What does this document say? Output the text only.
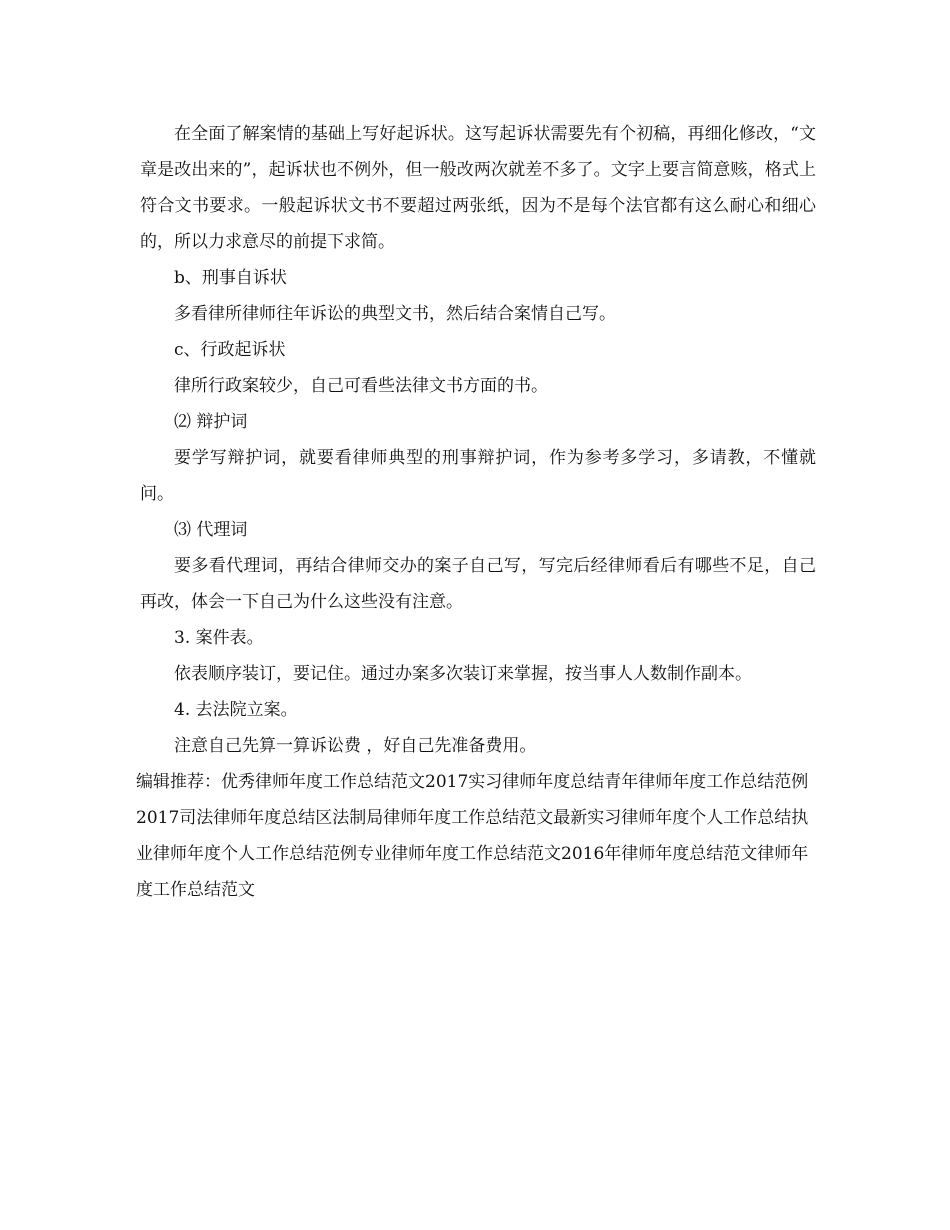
在全面了解案情的基础上写好起诉状。这写起诉状需要先有个初稿，再细化修改，“文章是改出来的”，起诉状也不例外，但一般改两次就差不多了。文字上要言简意赅，格式上符合文书要求。一般起诉状文书不要超过两张纸，因为不是每个法官都有这么耐心和细心的，所以力求意尽的前提下求简。

b、刑事自诉状

多看律所律师往年诉讼的典型文书，然后结合案情自己写。

c、行政起诉状

律所行政案较少，自己可看些法律文书方面的书。

⑵ 辩护词

要学写辩护词，就要看律师典型的刑事辩护词，作为参考多学习，多请教，不懂就问。

⑶ 代理词

要多看代理词，再结合律师交办的案子自己写，写完后经律师看后有哪些不足，自己再改，体会一下自己为什么这些没有注意。

3. 案件表。

依表顺序装订，要记住。通过办案多次装订来掌握，按当事人人数制作副本。

4. 去法院立案。

注意自己先算一算诉讼费 ，好自己先准备费用。

编辑推荐：优秀律师年度工作总结范文2017实习律师年度总结青年律师年度工作总结范例2017司法律师年度总结区法制局律师年度工作总结范文最新实习律师年度个人工作总结执业律师年度个人工作总结范例专业律师年度工作总结范文2016年律师年度总结范文律师年度工作总结范文
